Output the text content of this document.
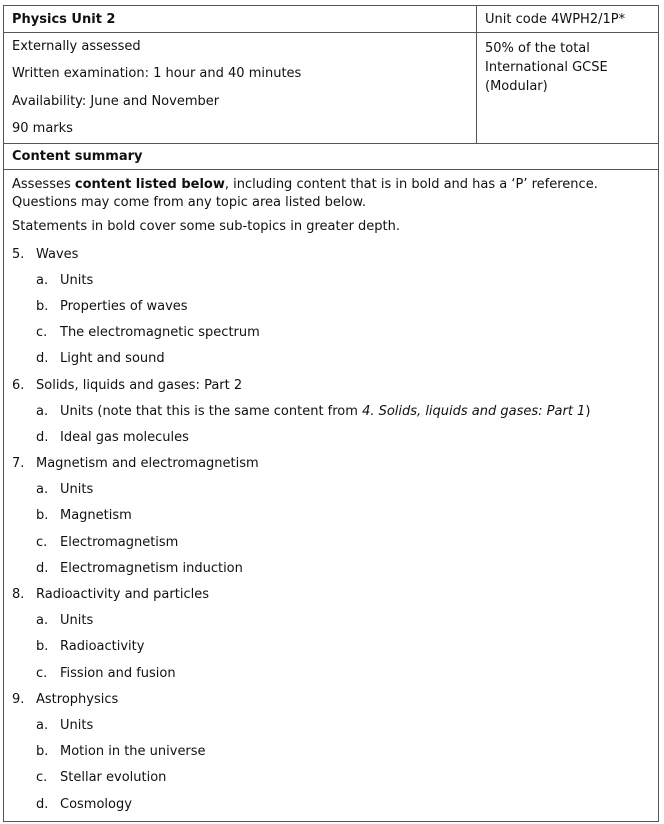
Physics Unit 2
Externally assessed
Written examination: 1 hour and 40 minutes
Availability: June and November
90 marks
Unit code 4WPH2/1P*
50% of the total International GCSE (Modular)
Content summary
Assesses content listed below, including content that is in bold and has a ‘P’ reference. Questions may come from any topic area listed below.
Statements in bold cover some sub-topics in greater depth.
5. Waves
a. Units
b. Properties of waves
c. The electromagnetic spectrum
d. Light and sound
6. Solids, liquids and gases: Part 2
a. Units (note that this is the same content from 4. Solids, liquids and gases: Part 1)
d. Ideal gas molecules
7. Magnetism and electromagnetism
a. Units
b. Magnetism
c. Electromagnetism
d. Electromagnetism induction
8. Radioactivity and particles
a. Units
b. Radioactivity
c. Fission and fusion
9. Astrophysics
a. Units
b. Motion in the universe
c. Stellar evolution
d. Cosmology
